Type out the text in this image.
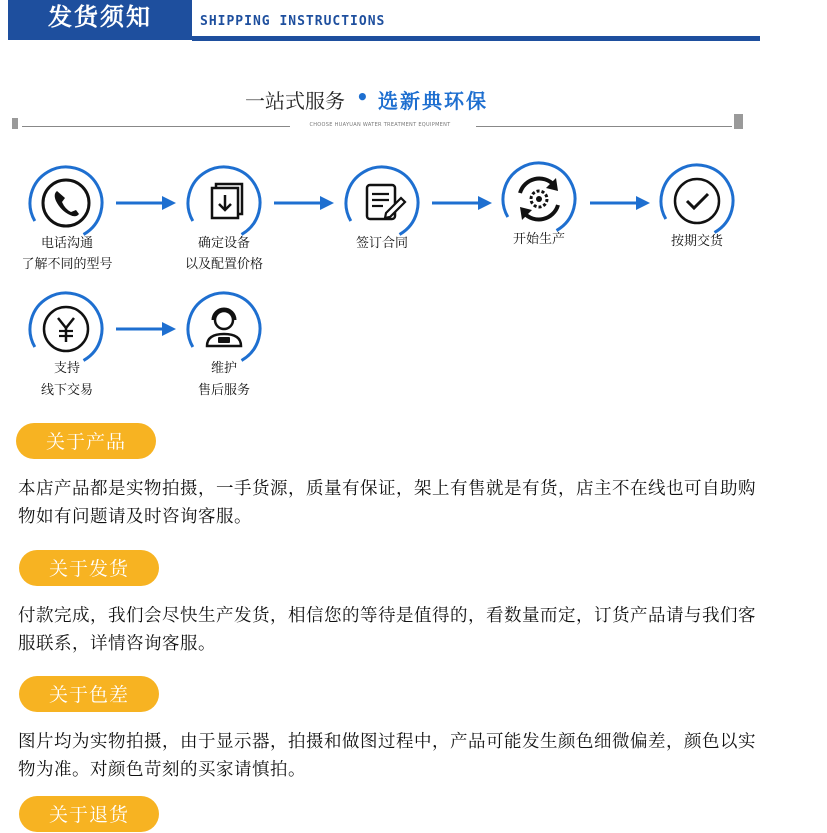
发货须知	SHIPPING INSTRUCTIONS
一站式服务 • 选新典环保
CHOOSE HUAYUAN WATER TREATMENT EQUIPMENT
电话沟通
了解不同的型号
确定设备
以及配置价格
签订合同	开始生产	按期交货
支持
线下交易
维护
售后服务
关于产品
本店产品都是实物拍摄，一手货源，质量有保证，架上有售就是有货，店主不在线也可自助购物如有问题请及时咨询客服。
关于发货
付款完成，我们会尽快生产发货，相信您的等待是值得的，看数量而定，订货产品请与我们客服联系，详情咨询客服。
关于色差
图片均为实物拍摄，由于显示器，拍摄和做图过程中，产品可能发生颜色细微偏差，颜色以实物为准。对颜色苛刻的买家请慎拍。
关于退货
